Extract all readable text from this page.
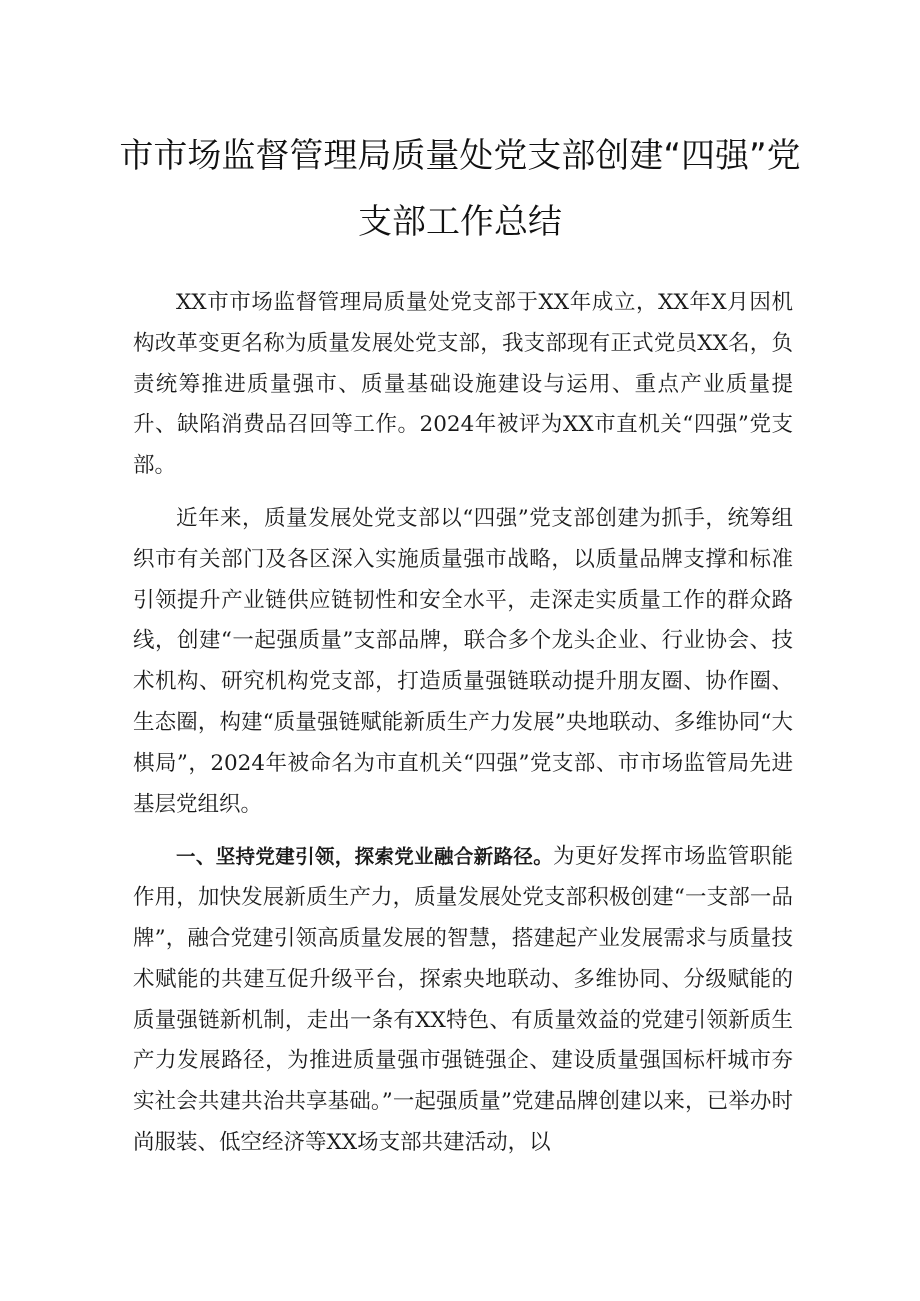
市市场监督管理局质量处党支部创建“四强”党
支部工作总结

XX市市场监督管理局质量处党支部于XX年成立，XX年X月因机构改革变更名称为质量发展处党支部，我支部现有正式党员XX名，负责统筹推进质量强市、质量基础设施建设与运用、重点产业质量提升、缺陷消费品召回等工作。2024年被评为XX市直机关“四强”党支部。

近年来，质量发展处党支部以“四强”党支部创建为抓手，统筹组织市有关部门及各区深入实施质量强市战略，以质量品牌支撑和标准引领提升产业链供应链韧性和安全水平，走深走实质量工作的群众路线，创建“一起强质量”支部品牌，联合多个龙头企业、行业协会、技术机构、研究机构党支部，打造质量强链联动提升朋友圈、协作圈、生态圈，构建“质量强链赋能新质生产力发展”央地联动、多维协同“大棋局”，2024年被命名为市直机关“四强”党支部、市市场监管局先进基层党组织。

一、坚持党建引领，探索党业融合新路径。为更好发挥市场监管职能作用，加快发展新质生产力，质量发展处党支部积极创建“一支部一品牌”，融合党建引领高质量发展的智慧，搭建起产业发展需求与质量技术赋能的共建互促升级平台，探索央地联动、多维协同、分级赋能的质量强链新机制，走出一条有XX特色、有质量效益的党建引领新质生产力发展路径，为推进质量强市强链强企、建设质量强国标杆城市夯实社会共建共治共享基础。”一起强质量”党建品牌创建以来，已举办时尚服装、低空经济等XX场支部共建活动，以
